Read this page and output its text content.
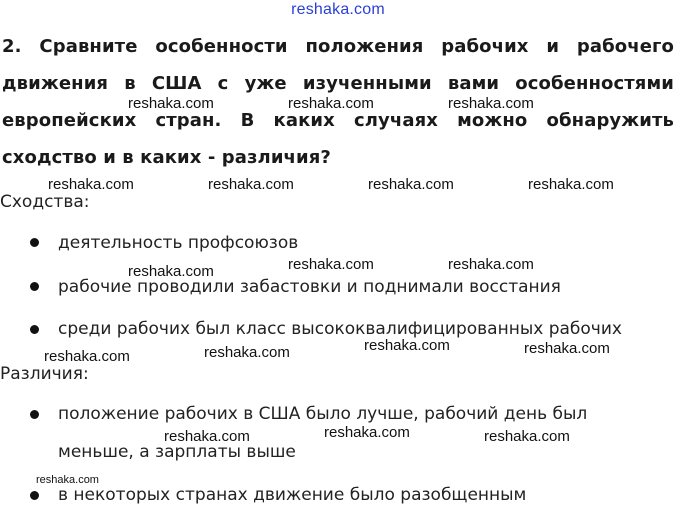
reshaka.com
2. Сравните особенности положения рабочих и рабочего
движения в США с уже изученными вами особенностями
европейских стран. В каких случаях можно обнаружить
сходство и в каких - различия?
Сходства:
деятельность профсоюзов
рабочие проводили забастовки и поднимали восстания
среди рабочих был класс высококвалифицированных рабочих
Различия:
положение рабочих в США было лучше, рабочий день был
меньше, а зарплаты выше
в некоторых странах движение было разобщенным
reshaka.com	reshaka.com	reshaka.com
reshaka.com	reshaka.com	reshaka.com	reshaka.com
reshaka.com	reshaka.com	reshaka.com
reshaka.com	reshaka.com	reshaka.com	reshaka.com
reshaka.com	reshaka.com	reshaka.com
reshaka.com
